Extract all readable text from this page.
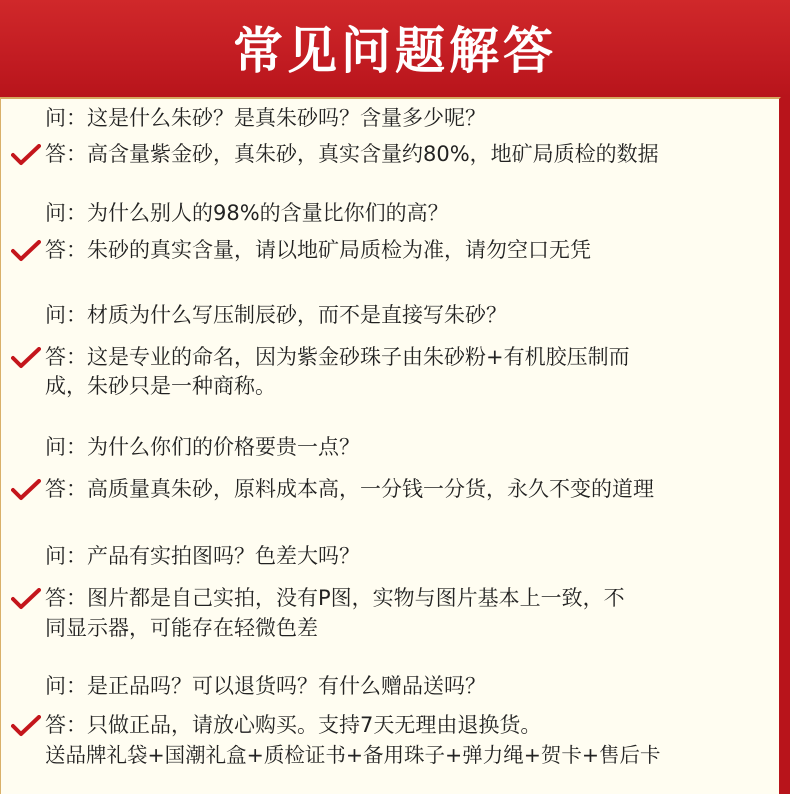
常见问题解答
问：这是什么朱砂？是真朱砂吗？含量多少呢？
答：高含量紫金砂，真朱砂，真实含量约80%，地矿局质检的数据
问：为什么别人的98%的含量比你们的高？
答：朱砂的真实含量，请以地矿局质检为准，请勿空口无凭
问：材质为什么写压制辰砂，而不是直接写朱砂？
答：这是专业的命名，因为紫金砂珠子由朱砂粉+有机胶压制而
成，朱砂只是一种商称。
问：为什么你们的价格要贵一点？
答：高质量真朱砂，原料成本高，一分钱一分货，永久不变的道理
问：产品有实拍图吗？色差大吗？
答：图片都是自己实拍，没有P图，实物与图片基本上一致，不
同显示器，可能存在轻微色差
问：是正品吗？可以退货吗？有什么赠品送吗？
答：只做正品，请放心购买。支持7天无理由退换货。
送品牌礼袋+国潮礼盒+质检证书+备用珠子+弹力绳+贺卡+售后卡
